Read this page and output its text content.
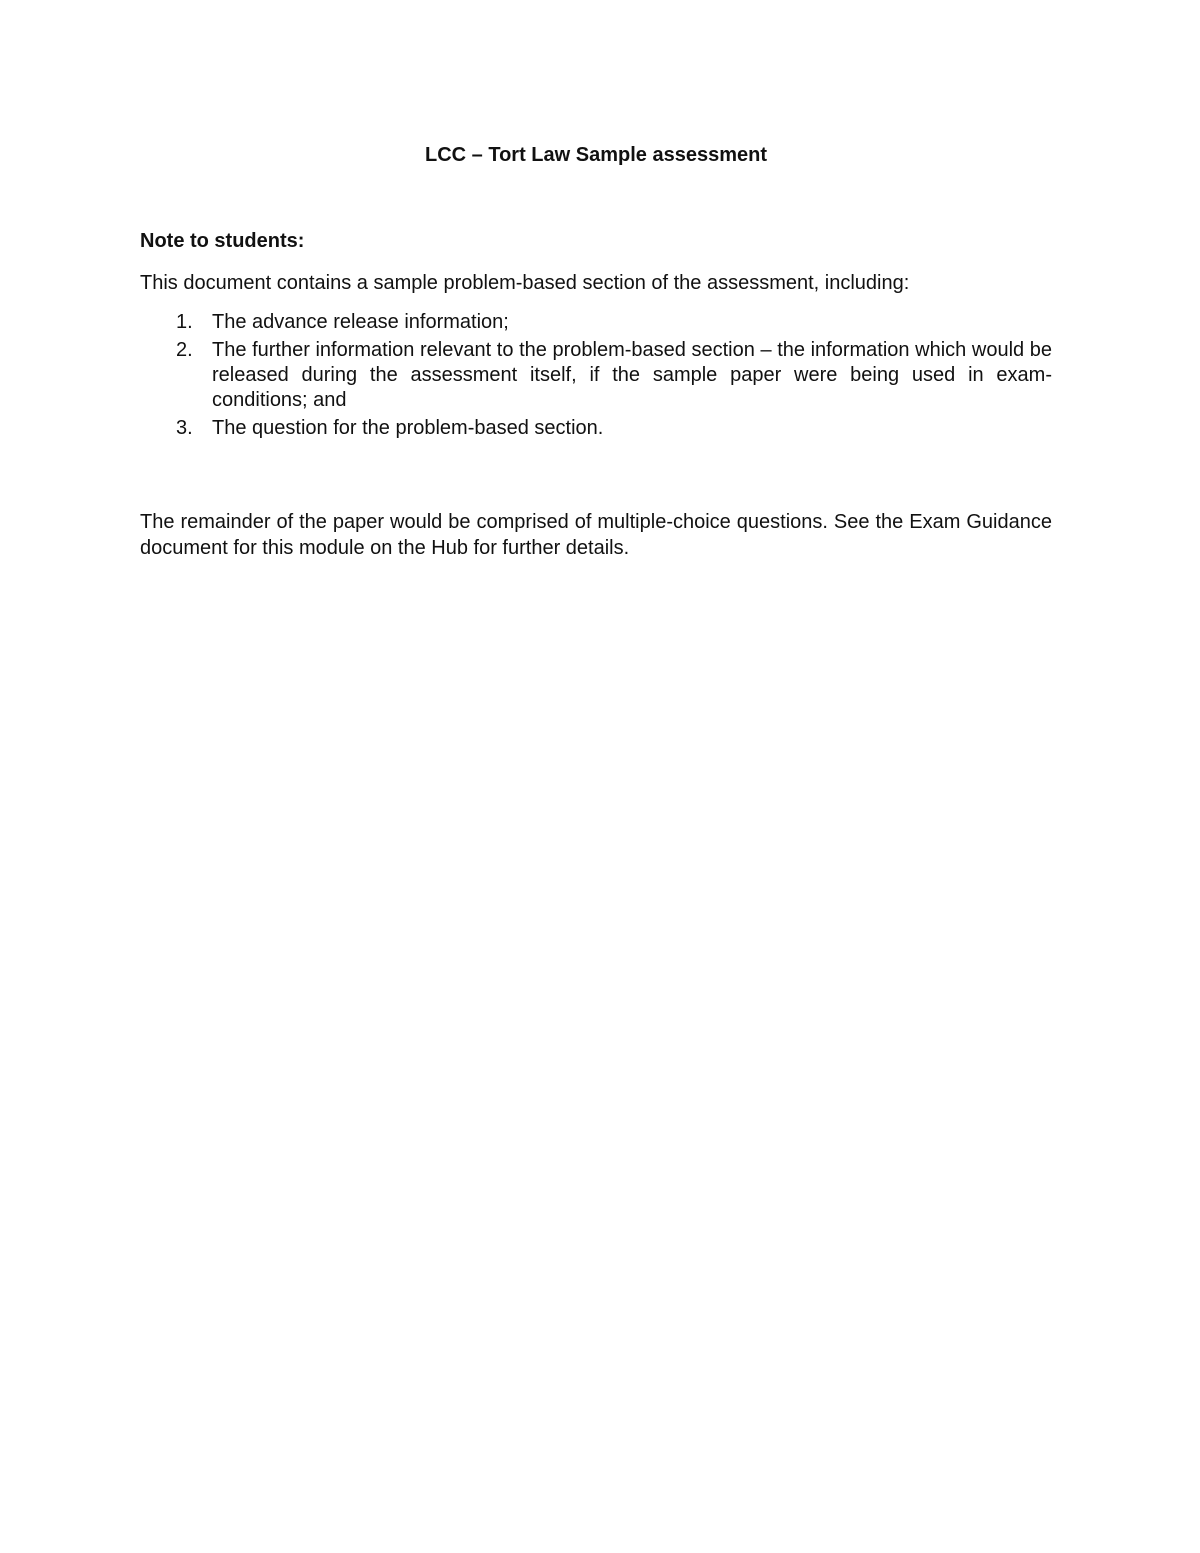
LCC – Tort Law Sample assessment

Note to students:

This document contains a sample problem-based section of the assessment, including:

1. The advance release information;
2. The further information relevant to the problem-based section – the information which would be released during the assessment itself, if the sample paper were being used in exam-conditions; and
3. The question for the problem-based section.

The remainder of the paper would be comprised of multiple-choice questions. See the Exam Guidance document for this module on the Hub for further details.
